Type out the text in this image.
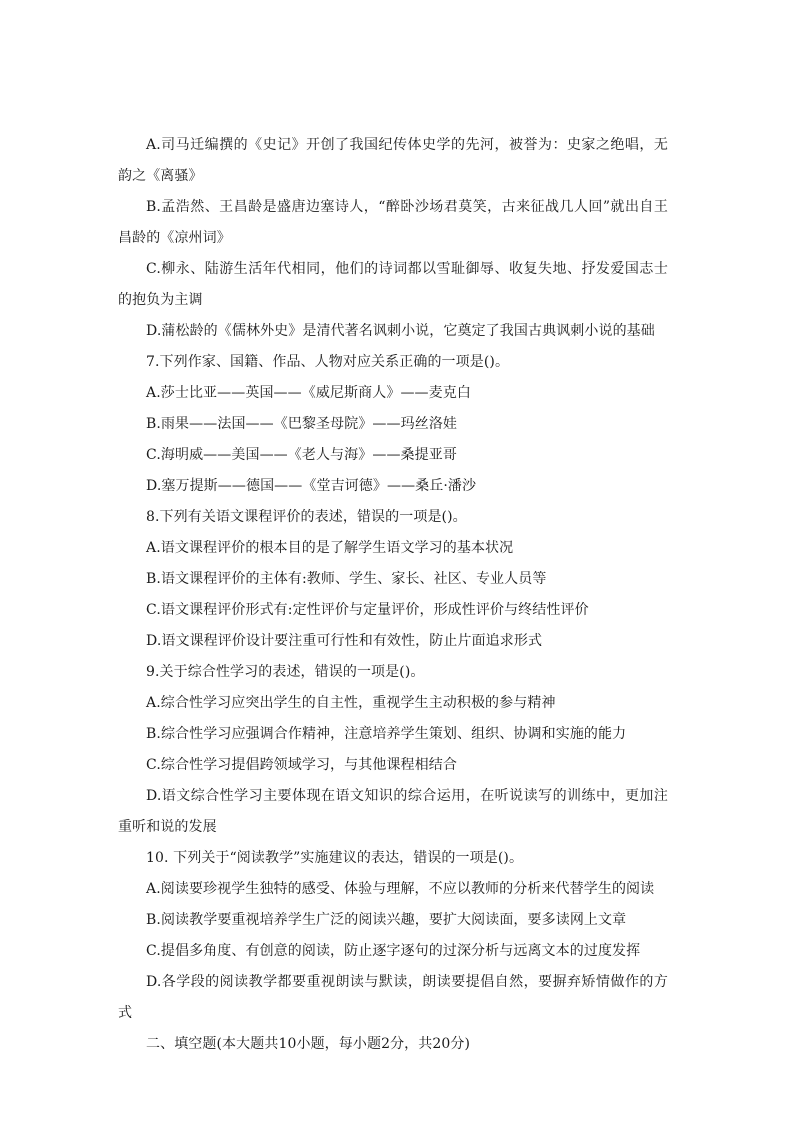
A.司马迁编撰的《史记》开创了我国纪传体史学的先河，被誉为：史家之绝唱，无韵之《离骚》

B.孟浩然、王昌龄是盛唐边塞诗人，“醉卧沙场君莫笑，古来征战几人回”就出自王昌龄的《凉州词》

C.柳永、陆游生活年代相同，他们的诗词都以雪耻御辱、收复失地、抒发爱国志士的抱负为主调

D.蒲松龄的《儒林外史》是清代著名讽刺小说，它奠定了我国古典讽刺小说的基础

7.下列作家、国籍、作品、人物对应关系正确的一项是()。

A.莎士比亚——英国——《威尼斯商人》——麦克白

B.雨果——法国——《巴黎圣母院》——玛丝洛娃

C.海明威——美国——《老人与海》——桑提亚哥

D.塞万提斯——德国——《堂吉诃德》——桑丘·潘沙

8.下列有关语文课程评价的表述，错误的一项是()。

A.语文课程评价的根本目的是了解学生语文学习的基本状况

B.语文课程评价的主体有:教师、学生、家长、社区、专业人员等

C.语文课程评价形式有:定性评价与定量评价，形成性评价与终结性评价

D.语文课程评价设计要注重可行性和有效性，防止片面追求形式

9.关于综合性学习的表述，错误的一项是()。

A.综合性学习应突出学生的自主性，重视学生主动积极的参与精神

B.综合性学习应强调合作精神，注意培养学生策划、组织、协调和实施的能力

C.综合性学习提倡跨领域学习，与其他课程相结合

D.语文综合性学习主要体现在语文知识的综合运用，在听说读写的训练中，更加注重听和说的发展

10. 下列关于“阅读教学”实施建议的表达，错误的一项是()。

A.阅读要珍视学生独特的感受、体验与理解，不应以教师的分析来代替学生的阅读

B.阅读教学要重视培养学生广泛的阅读兴趣，要扩大阅读面，要多读网上文章

C.提倡多角度、有创意的阅读，防止逐字逐句的过深分析与远离文本的过度发挥

D.各学段的阅读教学都要重视朗读与默读，朗读要提倡自然，要摒弃矫情做作的方式

二、填空题(本大题共10小题，每小题2分，共20分)
